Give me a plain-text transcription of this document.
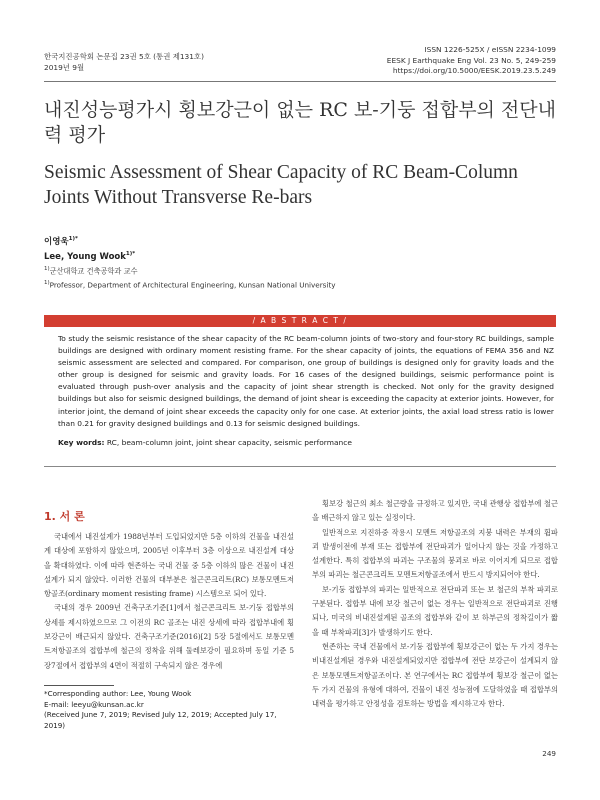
한국지진공학회 논문집 23권 5호 (통권 제131호)
2019년 9월
ISSN 1226-525X / eISSN 2234-1099
EESK J Earthquake Eng Vol. 23 No. 5, 249-259
https://doi.org/10.5000/EESK.2019.23.5.249
내진성능평가시 횡보강근이 없는 RC 보-기둥 접합부의 전단내력 평가
Seismic Assessment of Shear Capacity of RC Beam-Column Joints Without Transverse Re-bars
이영욱$^{1)*}$
Lee, Young Wook$^{1)*}$
$^{1)}$군산대학교 건축공학과 교수
$^{1)}$Professor, Department of Architectural Engineering, Kunsan National University
/ A B S T R A C T /
To study the seismic resistance of the shear capacity of the RC beam-column joints of two-story and four-story RC buildings, sample buildings are designed with ordinary moment resisting frame. For the shear capacity of joints, the equations of FEMA 356 and NZ seismic assessment are selected and compared. For comparison, one group of buildings is designed only for gravity loads and the other group is designed for seismic and gravity loads. For 16 cases of the designed buildings, seismic performance point is evaluated through push-over analysis and the capacity of joint shear strength is checked. Not only for the gravity designed buildings but also for seismic designed buildings, the demand of joint shear is exceeding the capacity at exterior joints. However, for interior joint, the demand of joint shear exceeds the capacity only for one case. At exterior joints, the axial load stress ratio is lower than 0.21 for gravity designed buildings and 0.13 for seismic designed buildings.
Key words: RC, beam-column joint, joint shear capacity, seismic performance
1. 서 론

국내에서 내진설계가 1988년부터 도입되었지만 5층 이하의 건물을 내진설계 대상에 포함하지 않았으며, 2005년 이후부터 3층 이상으로 내진설계 대상을 확대하였다. 이에 따라 현존하는 국내 건물 중 5층 이하의 많은 건물이 내진 설계가 되지 않았다. 이러한 건물의 대부분은 철근콘크리트(RC) 보통모멘트저항골조(ordinary moment resisting frame) 시스템으로 되어 있다.

국내의 경우 2009년 건축구조기준[1]에서 철근콘크리트 보-기둥 접합부의 상세를 제시하였으므로 그 이전의 RC 골조는 내진 상세에 따라 접합부내에 횡보강근이 배근되지 않았다. 건축구조기준(2016)[2] 5장 5절에서도 보통모멘트저항골조의 접합부에 철근의 정착을 위해 둘레보강이 필요하며 동일 기준 5장7절에서 접합부의 4면이 적절히 구속되지 않은 경우에

횡보강 철근의 최소 철근량을 규정하고 있지만, 국내 관행상 접합부에 철근을 배근하지 않고 있는 실정이다.

일반적으로 지진하중 작용시 모멘트 저항골조의 지붕 내력은 부재의 휨파괴 발생이전에 부재 또는 접합부에 전단파괴가 일어나지 않는 것을 가정하고 설계한다. 특히 접합부의 파괴는 구조물의 붕괴로 바로 이어지게 되므로 접합부의 파괴는 철근콘크리트 모멘트저항골조에서 반드시 방지되어야 한다.

보-기둥 접합부의 파괴는 일반적으로 전단파괴 또는 보 철근의 부착 파괴로 구분된다. 접합부 내에 보강 철근이 없는 경우는 일반적으로 전단파괴로 진행되나, 미국의 비내진설계된 골조의 접합부와 같이 보 하부근의 정착길이가 짧을 때 부착파괴[3]가 발생하기도 한다.

현존하는 국내 건물에서 보-기둥 접합부에 횡보강근이 없는 두 가지 경우는 비내진설계된 경우와 내진설계되었지만 접합부에 전단 보강근이 설계되지 않은 보통모멘트저항골조이다. 본 연구에서는 RC 접합부에 횡보강 철근이 없는 두 가지 건물의 유형에 대하여, 건물이 내진 성능점에 도달하였을 때 접합부의 내력을 평가하고 안정성을 검토하는 방법을 제시하고자 한다.

*Corresponding author: Lee, Young Wook
E-mail: leeyu@kunsan.ac.kr
(Received June 7, 2019; Revised July 12, 2019; Accepted July 17, 2019)
249
